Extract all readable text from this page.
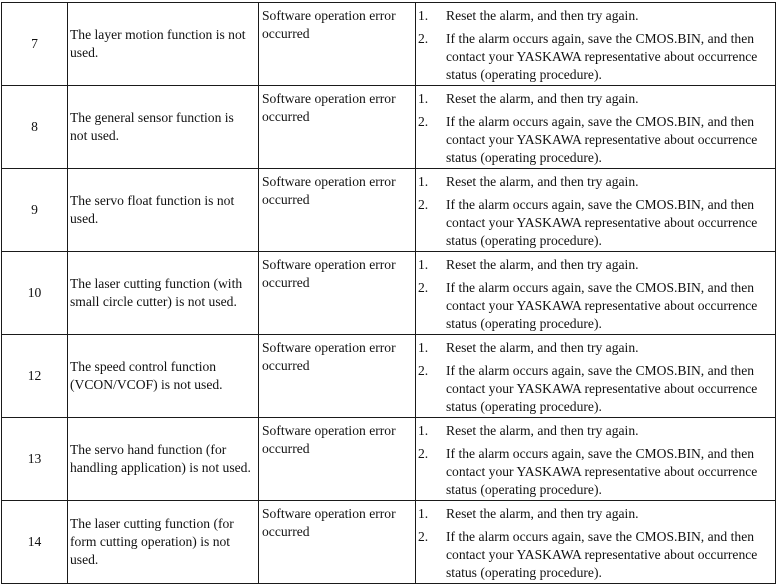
7	The layer motion function is not used.	Software operation error occurred	1. Reset the alarm, and then try again.
2. If the alarm occurs again, save the CMOS.BIN, and then contact your YASKAWA representative about occurrence status (operating procedure).

8	The general sensor function is not used.	Software operation error occurred	1. Reset the alarm, and then try again.
2. If the alarm occurs again, save the CMOS.BIN, and then contact your YASKAWA representative about occurrence status (operating procedure).

9	The servo float function is not used.	Software operation error occurred	1. Reset the alarm, and then try again.
2. If the alarm occurs again, save the CMOS.BIN, and then contact your YASKAWA representative about occurrence status (operating procedure).

10	The laser cutting function (with small circle cutter) is not used.	Software operation error occurred	1. Reset the alarm, and then try again.
2. If the alarm occurs again, save the CMOS.BIN, and then contact your YASKAWA representative about occurrence status (operating procedure).

12	The speed control function (VCON/VCOF) is not used.	Software operation error occurred	1. Reset the alarm, and then try again.
2. If the alarm occurs again, save the CMOS.BIN, and then contact your YASKAWA representative about occurrence status (operating procedure).

13	The servo hand function (for handling application) is not used.	Software operation error occurred	1. Reset the alarm, and then try again.
2. If the alarm occurs again, save the CMOS.BIN, and then contact your YASKAWA representative about occurrence status (operating procedure).

14	The laser cutting function (for form cutting operation) is not used.	Software operation error occurred	1. Reset the alarm, and then try again.
2. If the alarm occurs again, save the CMOS.BIN, and then contact your YASKAWA representative about occurrence status (operating procedure).
